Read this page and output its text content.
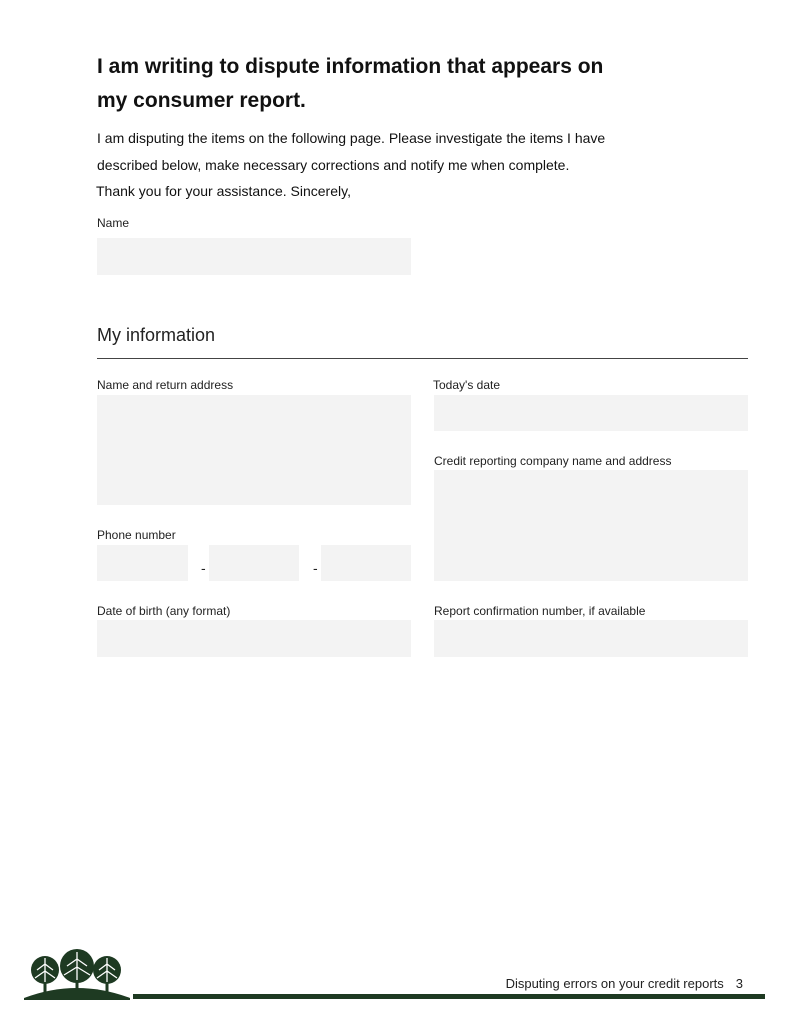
I am writing to dispute information that appears on
my consumer report.
I am disputing the items on the following page. Please investigate the items I have
described below, make necessary corrections and notify me when complete.
Thank you for your assistance. Sincerely,
Name
My information
Name and return address
Phone number
-	-
Date of birth (any format)
Today's date
Credit reporting company name and address
Report confirmation number, if available
Disputing errors on your credit reports 3
